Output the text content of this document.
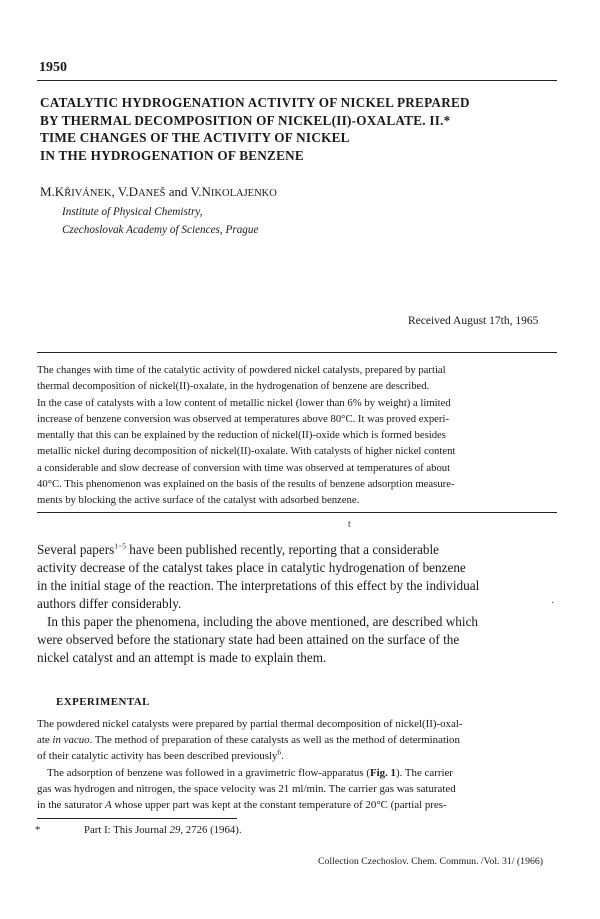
1950
CATALYTIC HYDROGENATION ACTIVITY OF NICKEL PREPARED
BY THERMAL DECOMPOSITION OF NICKEL(II)-OXALATE. II.*
TIME CHANGES OF THE ACTIVITY OF NICKEL
IN THE HYDROGENATION OF BENZENE
M.KŘIVÁNEK, V.DANEŠ and V.NIKOLAJENKO
Institute of Physical Chemistry,
Czechoslovak Academy of Sciences, Prague
Received August 17th, 1965
The changes with time of the catalytic activity of powdered nickel catalysts, prepared by partial
thermal decomposition of nickel(II)-oxalate, in the hydrogenation of benzene are described.
In the case of catalysts with a low content of metallic nickel (lower than 6% by weight) a limited
increase of benzene conversion was observed at temperatures above 80°C. It was proved experi-
mentally that this can be explained by the reduction of nickel(II)-oxide which is formed besides
metallic nickel during decomposition of nickel(II)-oxalate. With catalysts of higher nickel content
a considerable and slow decrease of conversion with time was observed at temperatures of about
40°C. This phenomenon was explained on the basis of the results of benzene adsorption measure-
ments by blocking the active surface of the catalyst with adsorbed benzene.
t
Several papers$^{1-5}$ have been published recently, reporting that a considerable
activity decrease of the catalyst takes place in catalytic hydrogenation of benzene
in the initial stage of the reaction. The interpretations of this effect by the individual
authors differ considerably.
In this paper the phenomena, including the above mentioned, are described which
were observed before the stationary state had been attained on the surface of the
nickel catalyst and an attempt is made to explain them.
·
EXPERIMENTAL
The powdered nickel catalysts were prepared by partial thermal decomposition of nickel(II)-oxal-
ate in vacuo. The method of preparation of these catalysts as well as the method of determination
of their catalytic activity has been described previously$^6$.
The adsorption of benzene was followed in a gravimetric flow-apparatus (Fig. 1). The carrier
gas was hydrogen and nitrogen, the space velocity was 21 ml/min. The carrier gas was saturated
in the saturator A whose upper part was kept at the constant temperature of 20°C (partial pres-
*	Part I: This Journal 29, 2726 (1964).
Collection Czechoslov. Chem. Commun. /Vol. 31/ (1966)
